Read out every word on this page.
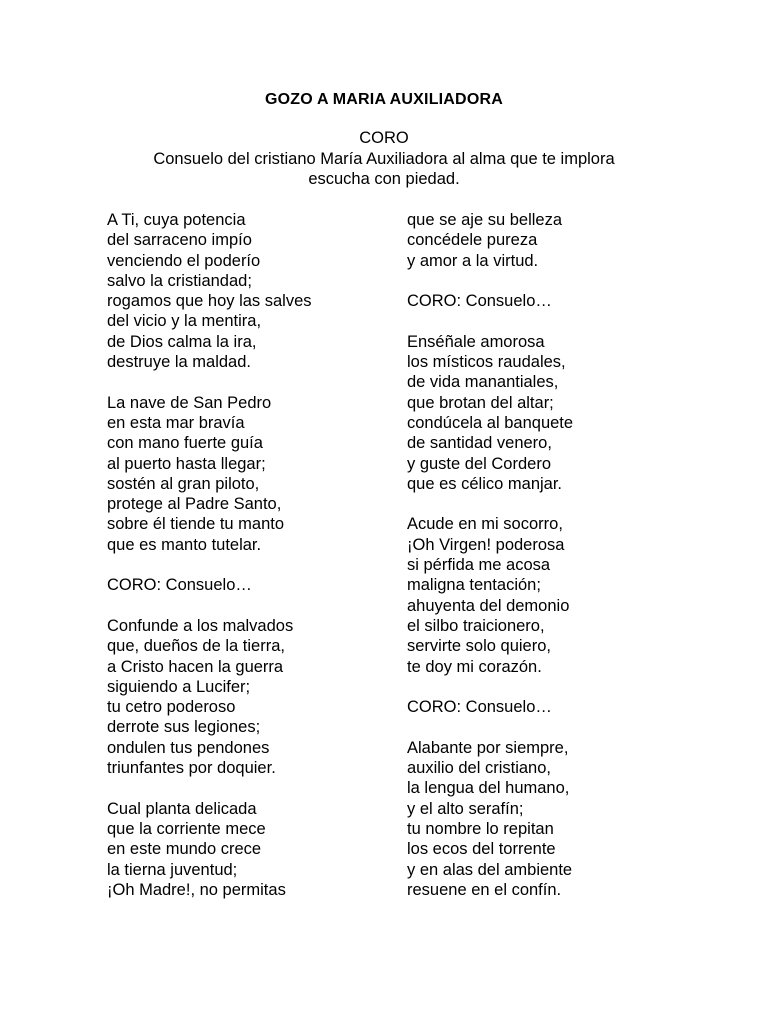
GOZO A MARIA AUXILIADORA
CORO
Consuelo del cristiano María Auxiliadora al alma que te implora escucha con piedad.
A Ti, cuya potencia
del sarraceno impío
venciendo el poderío
salvo la cristiandad;
rogamos que hoy las salves
del vicio y la mentira,
de Dios calma la ira,
destruye la maldad.
La nave de San Pedro
en esta mar bravía
con mano fuerte guía
al puerto hasta llegar;
sostén al gran piloto,
protege al Padre Santo,
sobre él tiende tu manto
que es manto tutelar.
CORO: Consuelo…
Confunde a los malvados
que, dueños de la tierra,
a Cristo hacen la guerra
siguiendo a Lucifer;
tu cetro poderoso
derrote sus legiones;
ondulen tus pendones
triunfantes por doquier.
Cual planta delicada
que la corriente mece
en este mundo crece
la tierna juventud;
¡Oh Madre!, no permitas
que se aje su belleza
concédele pureza
y amor a la virtud.
CORO: Consuelo…
Enséñale amorosa
los místicos raudales,
de vida manantiales,
que brotan del altar;
condúcela al banquete
de santidad venero,
y guste del Cordero
que es célico manjar.
Acude en mi socorro,
¡Oh Virgen! poderosa
si pérfida me acosa
maligna tentación;
ahuyenta del demonio
el silbo traicionero,
servirte solo quiero,
te doy mi corazón.
CORO: Consuelo…
Alabante por siempre,
auxilio del cristiano,
la lengua del humano,
y el alto serafín;
tu nombre lo repitan
los ecos del torrente
y en alas del ambiente
resuene en el confín.
